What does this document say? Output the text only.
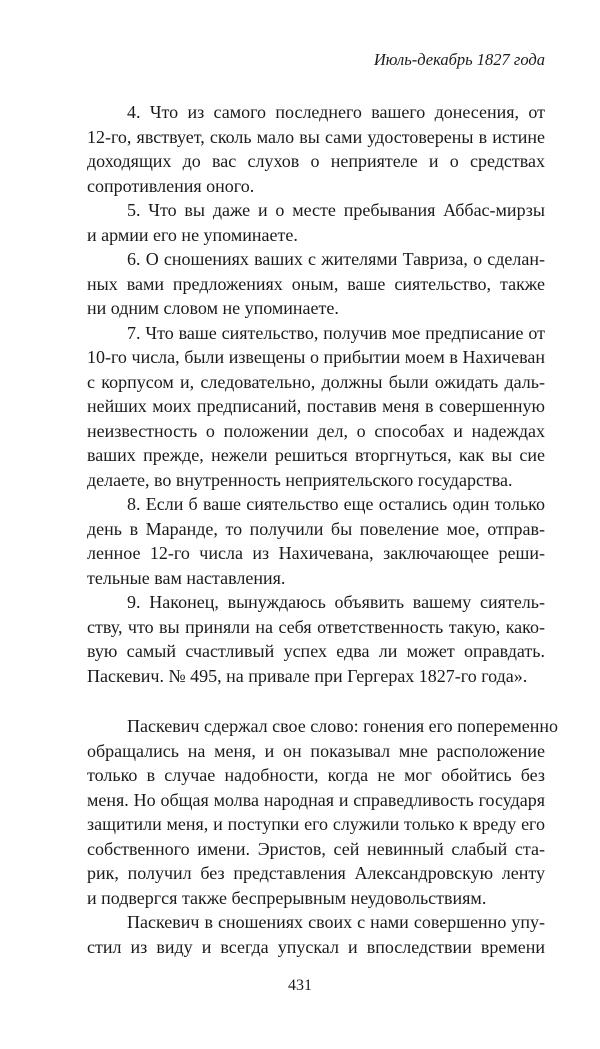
Июль-декабрь 1827 года
4. Что из самого последнего вашего донесения, от
12-го, явствует, сколь мало вы сами удостоверены в истине
доходящих до вас слухов о неприятеле и о средствах
сопротивления оного.
5. Что вы даже и о месте пребывания Аббас-мирзы
и армии его не упоминаете.
6. О сношениях ваших с жителями Тавриза, о сделан-
ных вами предложениях оным, ваше сиятельство, также
ни одним словом не упоминаете.
7. Что ваше сиятельство, получив мое предписание от
10-го числа, были извещены о прибытии моем в Нахичеван
с корпусом и, следовательно, должны были ожидать даль-
нейших моих предписаний, поставив меня в совершенную
неизвестность о положении дел, о способах и надеждах
ваших прежде, нежели решиться вторгнуться, как вы сие
делаете, во внутренность неприятельского государства.
8. Если б ваше сиятельство еще остались один только
день в Маранде, то получили бы повеление мое, отправ-
ленное 12-го числа из Нахичевана, заключающее реши-
тельные вам наставления.
9. Наконец, вынуждаюсь объявить вашему сиятель-
ству, что вы приняли на себя ответственность такую, како-
вую самый счастливый успех едва ли может оправдать.
Паскевич. № 495, на привале при Гергерах 1827-го года».
Паскевич сдержал свое слово: гонения его попеременно
обращались на меня, и он показывал мне расположение
только в случае надобности, когда не мог обойтись без
меня. Но общая молва народная и справедливость государя
защитили меня, и поступки его служили только к вреду его
собственного имени. Эристов, сей невинный слабый ста-
рик, получил без представления Александровскую ленту
и подвергся также беспрерывным неудовольствиям.
Паскевич в сношениях своих с нами совершенно упу-
стил из виду и всегда упускал и впоследствии времени
431
